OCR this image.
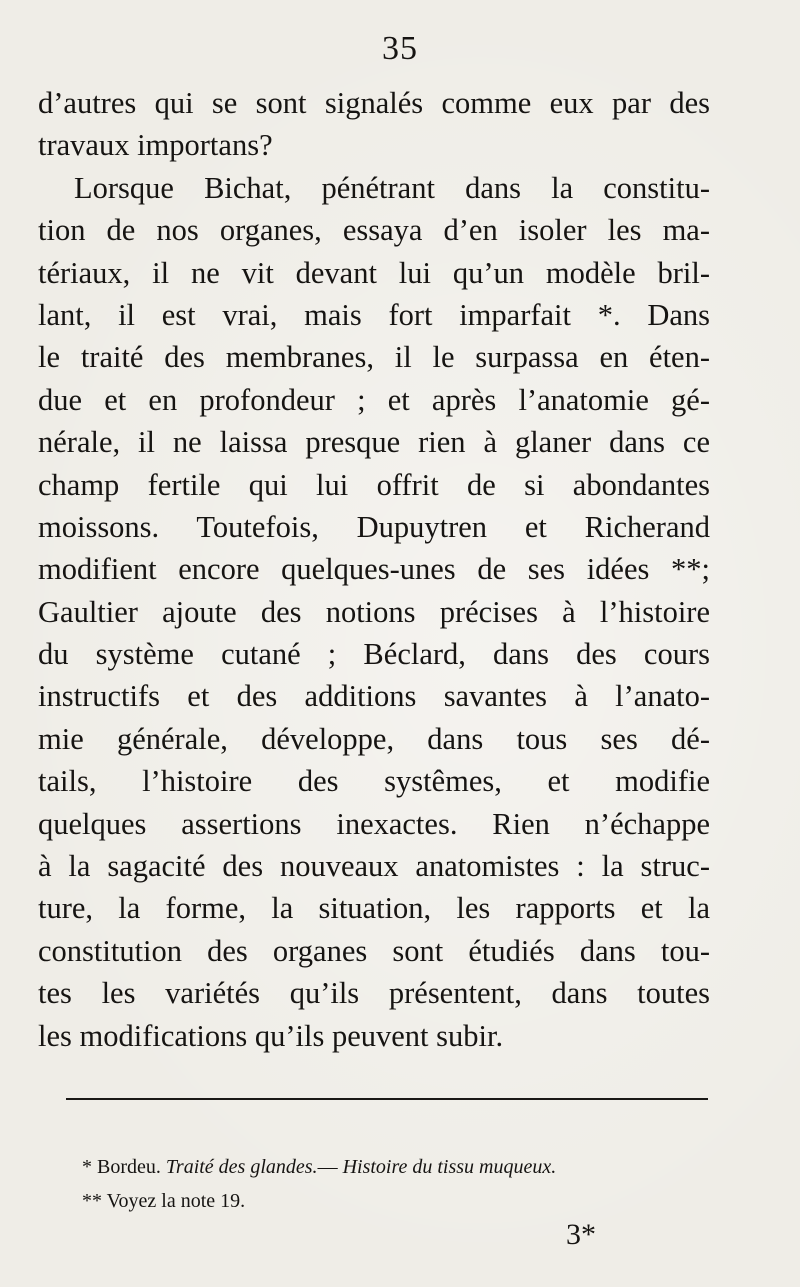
35
d’autres qui se sont signalés comme eux par des
travaux importans?
Lorsque Bichat, pénétrant dans la constitu-
tion de nos organes, essaya d’en isoler les ma-
tériaux, il ne vit devant lui qu’un modèle bril-
lant, il est vrai, mais fort imparfait *. Dans
le traité des membranes, il le surpassa en éten-
due et en profondeur ; et après l’anatomie gé-
nérale, il ne laissa presque rien à glaner dans ce
champ fertile qui lui offrit de si abondantes
moissons. Toutefois, Dupuytren et Richerand
modifient encore quelques-unes de ses idées **;
Gaultier ajoute des notions précises à l’histoire
du système cutané ; Béclard, dans des cours
instructifs et des additions savantes à l’anato-
mie générale, développe, dans tous ses dé-
tails, l’histoire des systêmes, et modifie
quelques assertions inexactes. Rien n’échappe
à la sagacité des nouveaux anatomistes : la struc-
ture, la forme, la situation, les rapports et la
constitution des organes sont étudiés dans tou-
tes les variétés qu’ils présentent, dans toutes
les modifications qu’ils peuvent subir.
* Bordeu. Traité des glandes.— Histoire du tissu muqueux.
** Voyez la note 19.
3*
